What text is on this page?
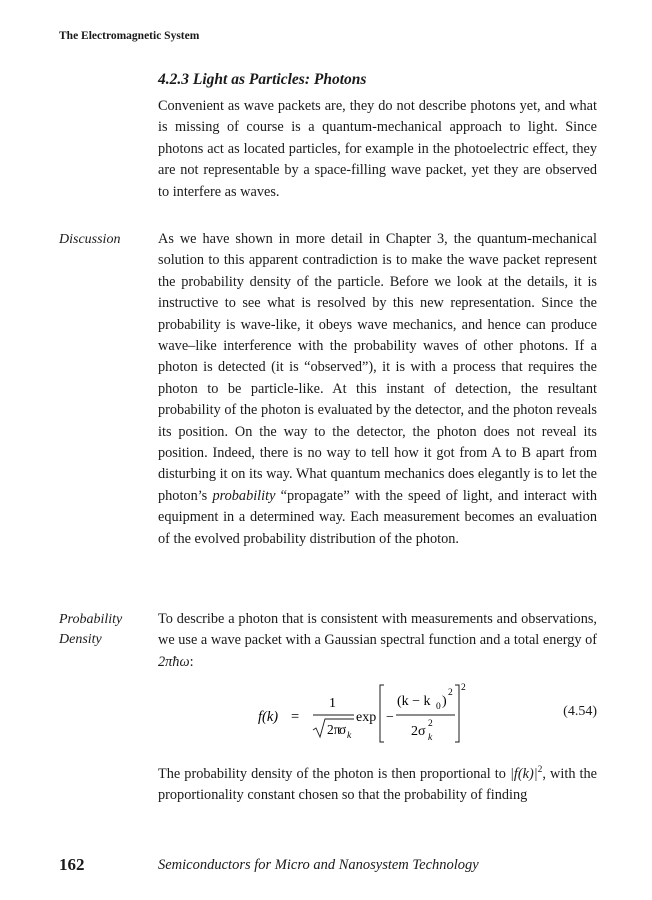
The Electromagnetic System
4.2.3 Light as Particles: Photons

Convenient as wave packets are, they do not describe photons yet, and what is missing of course is a quantum-mechanical approach to light. Since photons act as located particles, for example in the photoelectric effect, they are not representable by a space-filling wave packet, yet they are observed to interfere as waves.

Discussion	As we have shown in more detail in Chapter 3, the quantum-mechanical solution to this apparent contradiction is to make the wave packet represent the probability density of the particle. Before we look at the details, it is instructive to see what is resolved by this new representation. Since the probability is wave-like, it obeys wave mechanics, and hence can produce wave–like interference with the probability waves of other photons. If a photon is detected (it is “observed”), it is with a process that requires the photon to be particle-like. At this instant of detection, the resultant probability of the photon is evaluated by the detector, and the photon reveals its position. On the way to the detector, the photon does not reveal its position. Indeed, there is no way to tell how it got from A to B apart from disturbing it on its way. What quantum mechanics does elegantly is to let the photon’s probability “propagate” with the speed of light, and interact with equipment in a determined way. Each measurement becomes an evaluation of the evolved probability distribution of the photon.

Probability
Density

To describe a photon that is consistent with measurements and observations, we use a wave packet with a Gaussian spectral function and a total energy of 2πħω:

f(k) =
1
2π
σ k
exp −
(k − k 0 )
2
2σ 2
k
2
(4.54)

The probability density of the photon is then proportional to $|f(k)|^2$, with the proportionality constant chosen so that the probability of finding

162	Semiconductors for Micro and Nanosystem Technology
